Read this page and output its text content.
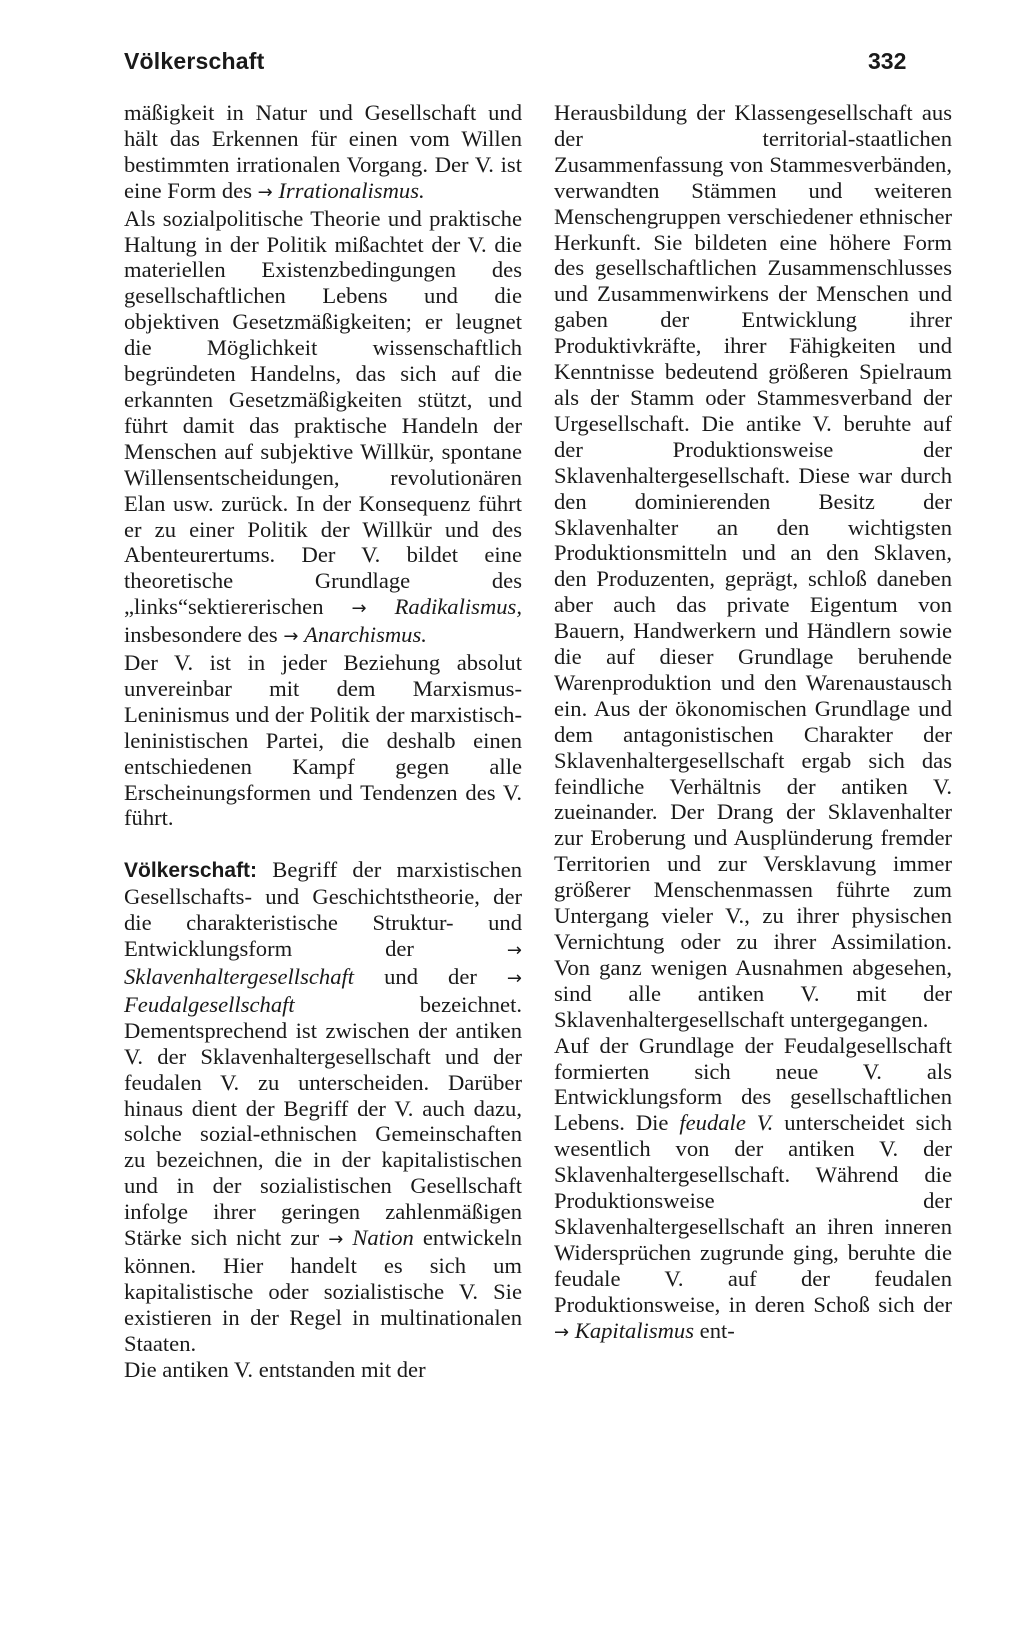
Völkerschaft	332

mäßigkeit in Natur und Gesellschaft und hält das Erkennen für einen vom Willen bestimmten irrationalen Vorgang. Der V. ist eine Form des → Irrationalismus.

Als sozialpolitische Theorie und praktische Haltung in der Politik mißachtet der V. die materiellen Existenzbedingungen des gesellschaftlichen Lebens und die objektiven Gesetzmäßigkeiten; er leugnet die Möglichkeit wissenschaftlich begründeten Handelns, das sich auf die erkannten Gesetzmäßigkeiten stützt, und führt damit das praktische Handeln der Menschen auf subjektive Willkür, spontane Willensentscheidungen, revolutionären Elan usw. zurück. In der Konsequenz führt er zu einer Politik der Willkür und des Abenteurertums. Der V. bildet eine theoretische Grundlage des „links“sektiererischen → Radikalismus, insbesondere des → Anarchismus.

Der V. ist in jeder Beziehung absolut unvereinbar mit dem Marxismus-Leninismus und der Politik der marxistisch-leninistischen Partei, die deshalb einen entschiedenen Kampf gegen alle Erscheinungsformen und Tendenzen des V. führt.

Völkerschaft: Begriff der marxistischen Gesellschafts- und Geschichtstheorie, der die charakteristische Struktur- und Entwicklungsform der → Sklavenhaltergesellschaft und der → Feudalgesellschaft bezeichnet. Dementsprechend ist zwischen der antiken V. der Sklavenhaltergesellschaft und der feudalen V. zu unterscheiden. Darüber hinaus dient der Begriff der V. auch dazu, solche sozial-ethnischen Gemeinschaften zu bezeichnen, die in der kapitalistischen und in der sozialistischen Gesellschaft infolge ihrer geringen zahlenmäßigen Stärke sich nicht zur → Nation entwickeln können. Hier handelt es sich um kapitalistische oder sozialistische V. Sie existieren in der Regel in multinationalen Staaten.

Die antiken V. entstanden mit der

Herausbildung der Klassengesellschaft aus der territorial-staatlichen Zusammenfassung von Stammesverbänden, verwandten Stämmen und weiteren Menschengruppen verschiedener ethnischer Herkunft. Sie bildeten eine höhere Form des gesellschaftlichen Zusammenschlusses und Zusammenwirkens der Menschen und gaben der Entwicklung ihrer Produktivkräfte, ihrer Fähigkeiten und Kenntnisse bedeutend größeren Spielraum als der Stamm oder Stammesverband der Urgesellschaft. Die antike V. beruhte auf der Produktionsweise der Sklavenhaltergesellschaft. Diese war durch den dominierenden Besitz der Sklavenhalter an den wichtigsten Produktionsmitteln und an den Sklaven, den Produzenten, geprägt, schloß daneben aber auch das private Eigentum von Bauern, Handwerkern und Händlern sowie die auf dieser Grundlage beruhende Warenproduktion und den Warenaustausch ein. Aus der ökonomischen Grundlage und dem antagonistischen Charakter der Sklavenhaltergesellschaft ergab sich das feindliche Verhältnis der antiken V. zueinander. Der Drang der Sklavenhalter zur Eroberung und Ausplünderung fremder Territorien und zur Versklavung immer größerer Menschenmassen führte zum Untergang vieler V., zu ihrer physischen Vernichtung oder zu ihrer Assimilation. Von ganz wenigen Ausnahmen abgesehen, sind alle antiken V. mit der Sklavenhaltergesellschaft untergegangen.

Auf der Grundlage der Feudalgesellschaft formierten sich neue V. als Entwicklungsform des gesellschaftlichen Lebens. Die feudale V. unterscheidet sich wesentlich von der antiken V. der Sklavenhaltergesellschaft. Während die Produktionsweise der Sklavenhaltergesellschaft an ihren inneren Widersprüchen zugrunde ging, beruhte die feudale V. auf der feudalen Produktionsweise, in deren Schoß sich der → Kapitalismus ent-
